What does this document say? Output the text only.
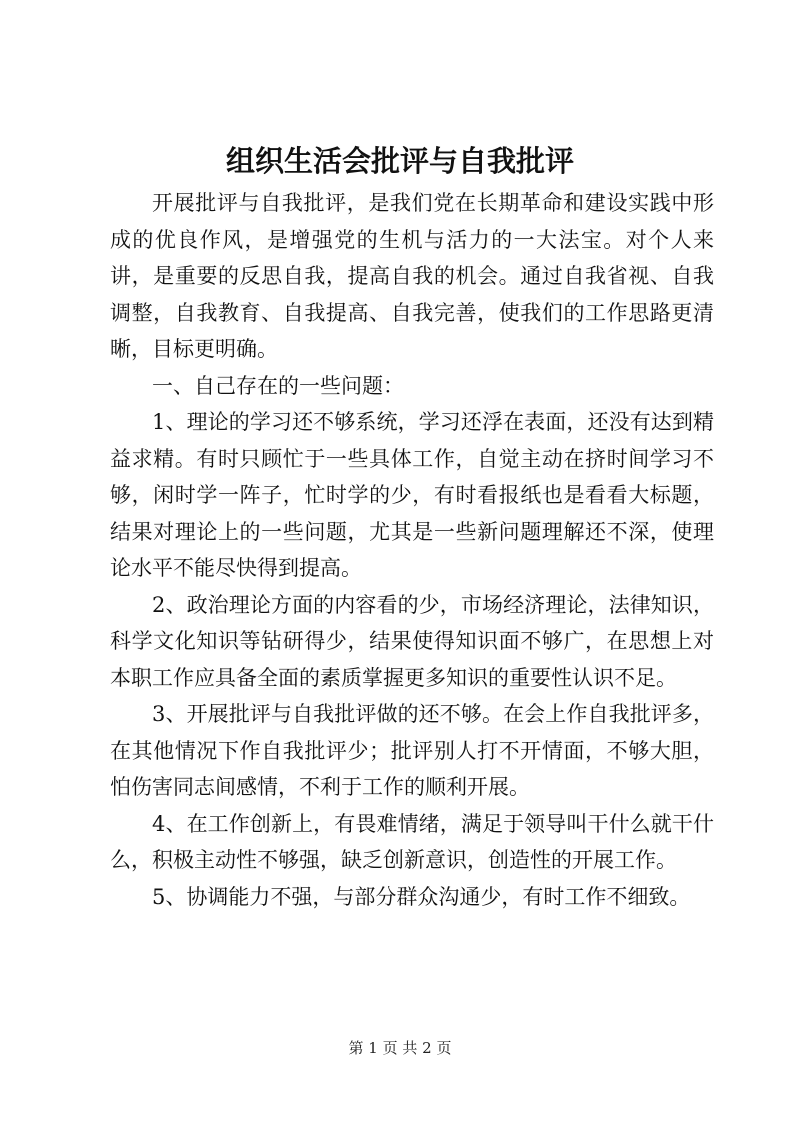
组织生活会批评与自我批评

开展批评与自我批评，是我们党在长期革命和建设实践中形成的优良作风，是增强党的生机与活力的一大法宝。对个人来讲，是重要的反思自我，提高自我的机会。通过自我省视、自我调整，自我教育、自我提高、自我完善，使我们的工作思路更清晰，目标更明确。

一、自己存在的一些问题：

1、理论的学习还不够系统，学习还浮在表面，还没有达到精益求精。有时只顾忙于一些具体工作，自觉主动在挤时间学习不够，闲时学一阵子，忙时学的少，有时看报纸也是看看大标题，结果对理论上的一些问题，尤其是一些新问题理解还不深，使理论水平不能尽快得到提高。

2、政治理论方面的内容看的少，市场经济理论，法律知识，科学文化知识等钻研得少，结果使得知识面不够广，在思想上对本职工作应具备全面的素质掌握更多知识的重要性认识不足。

3、开展批评与自我批评做的还不够。在会上作自我批评多，在其他情况下作自我批评少；批评别人打不开情面，不够大胆，怕伤害同志间感情，不利于工作的顺利开展。

4、在工作创新上，有畏难情绪，满足于领导叫干什么就干什么，积极主动性不够强，缺乏创新意识，创造性的开展工作。

5、协调能力不强，与部分群众沟通少，有时工作不细致。

第 1 页 共 2 页
